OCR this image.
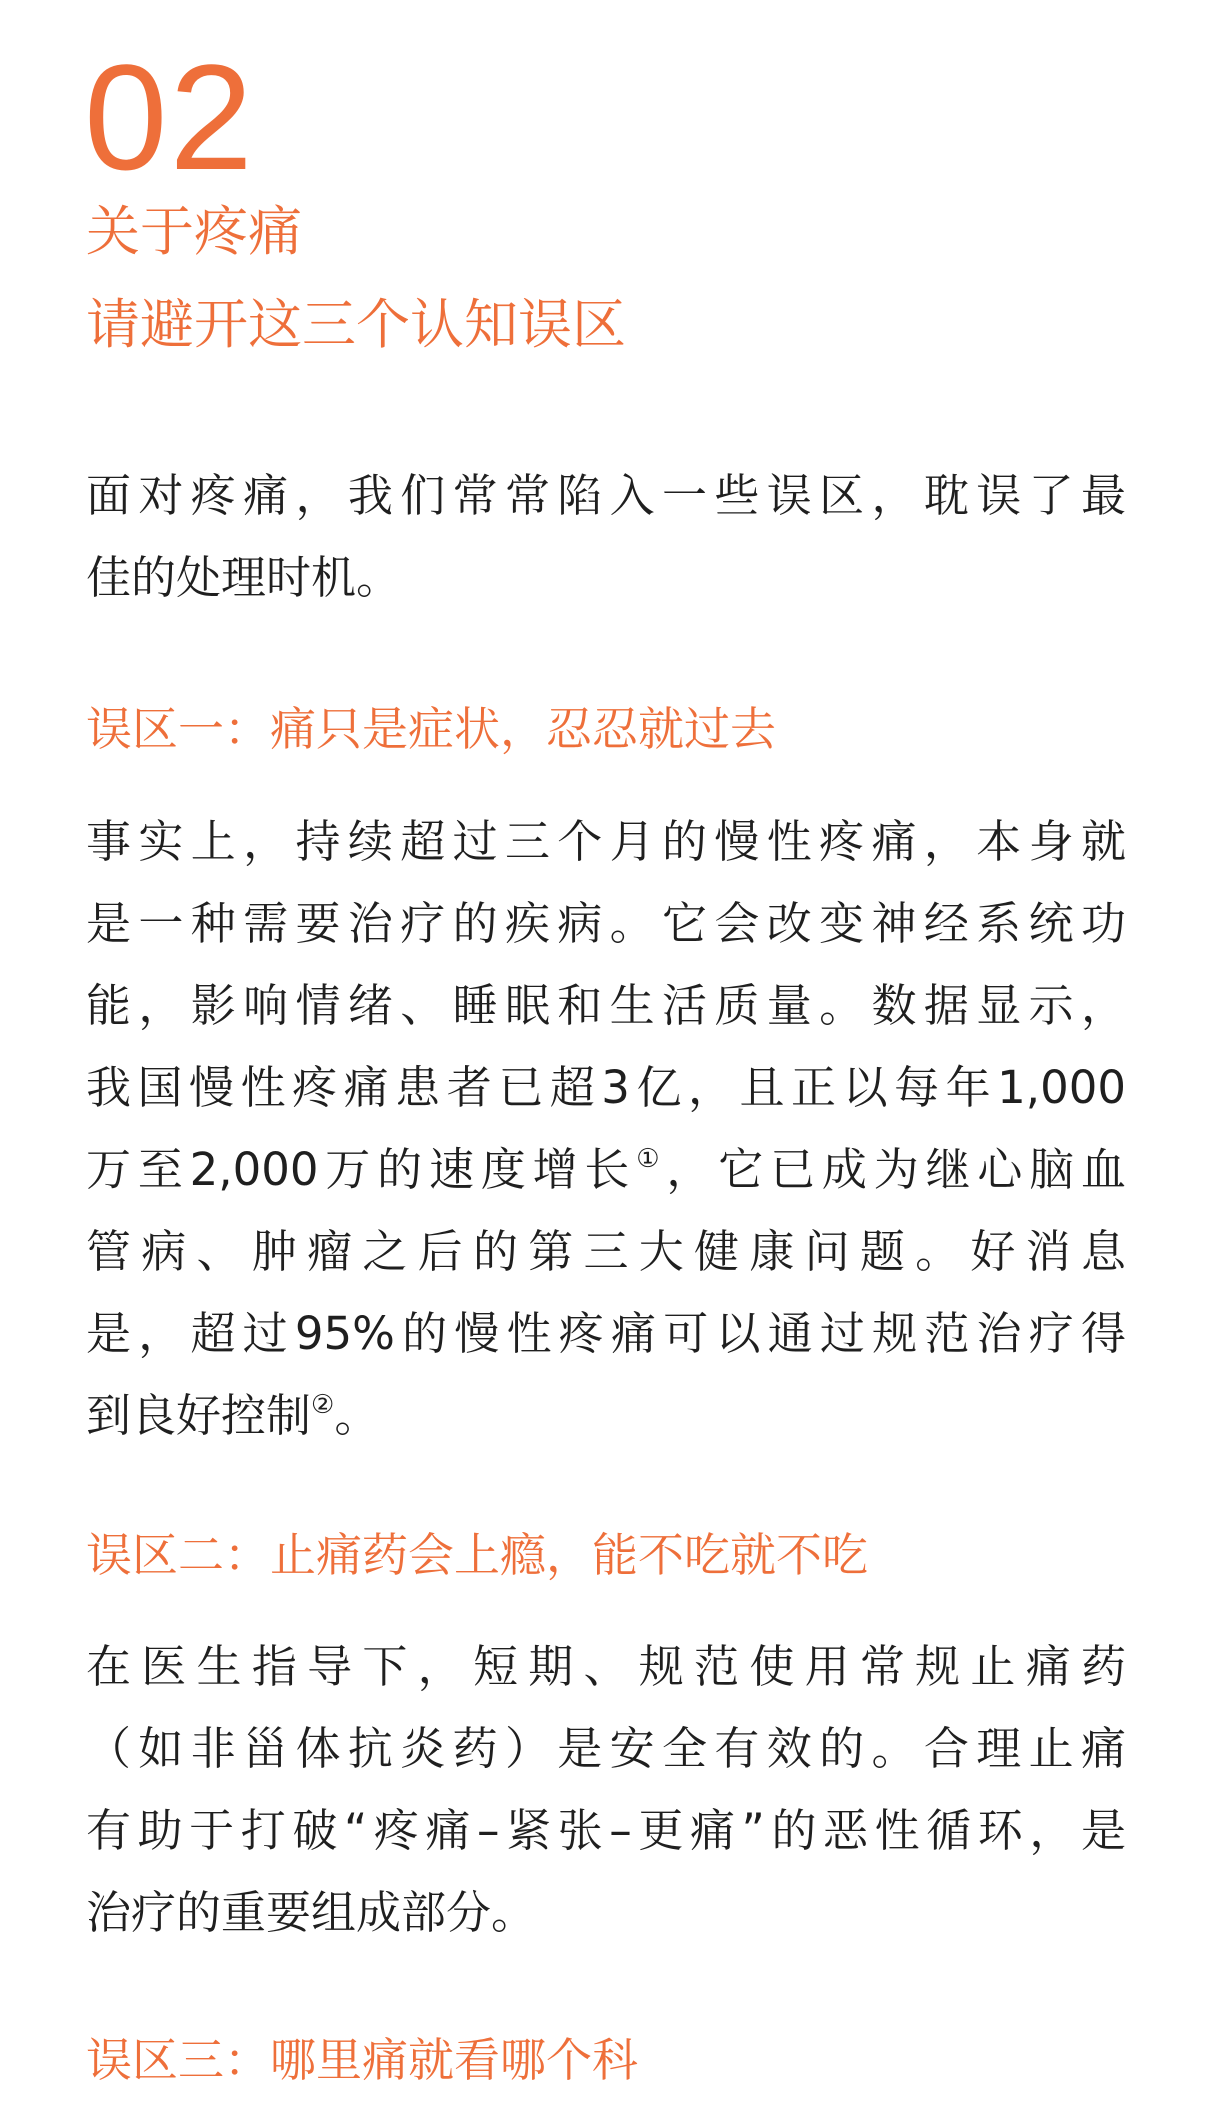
02
关于疼痛
请避开这三个认知误区

面对疼痛，我们常常陷入一些误区，耽误了最
佳的处理时机。

误区一：痛只是症状，忍忍就过去

事实上，持续超过三个月的慢性疼痛，本身就
是一种需要治疗的疾病。它会改变神经系统功
能，影响情绪、睡眠和生活质量。数据显示，
我国慢性疼痛患者已超3亿，且正以每年1,000
万至2,000万的速度增长①，它已成为继心脑血
管病、肿瘤之后的第三大健康问题。好消息
是，超过95%的慢性疼痛可以通过规范治疗得
到良好控制②。

误区二：止痛药会上瘾，能不吃就不吃

在医生指导下，短期、规范使用常规止痛药
（如非甾体抗炎药）是安全有效的。合理止痛
有助于打破“疼痛–紧张–更痛”的恶性循环，是
治疗的重要组成部分。

误区三：哪里痛就看哪个科
